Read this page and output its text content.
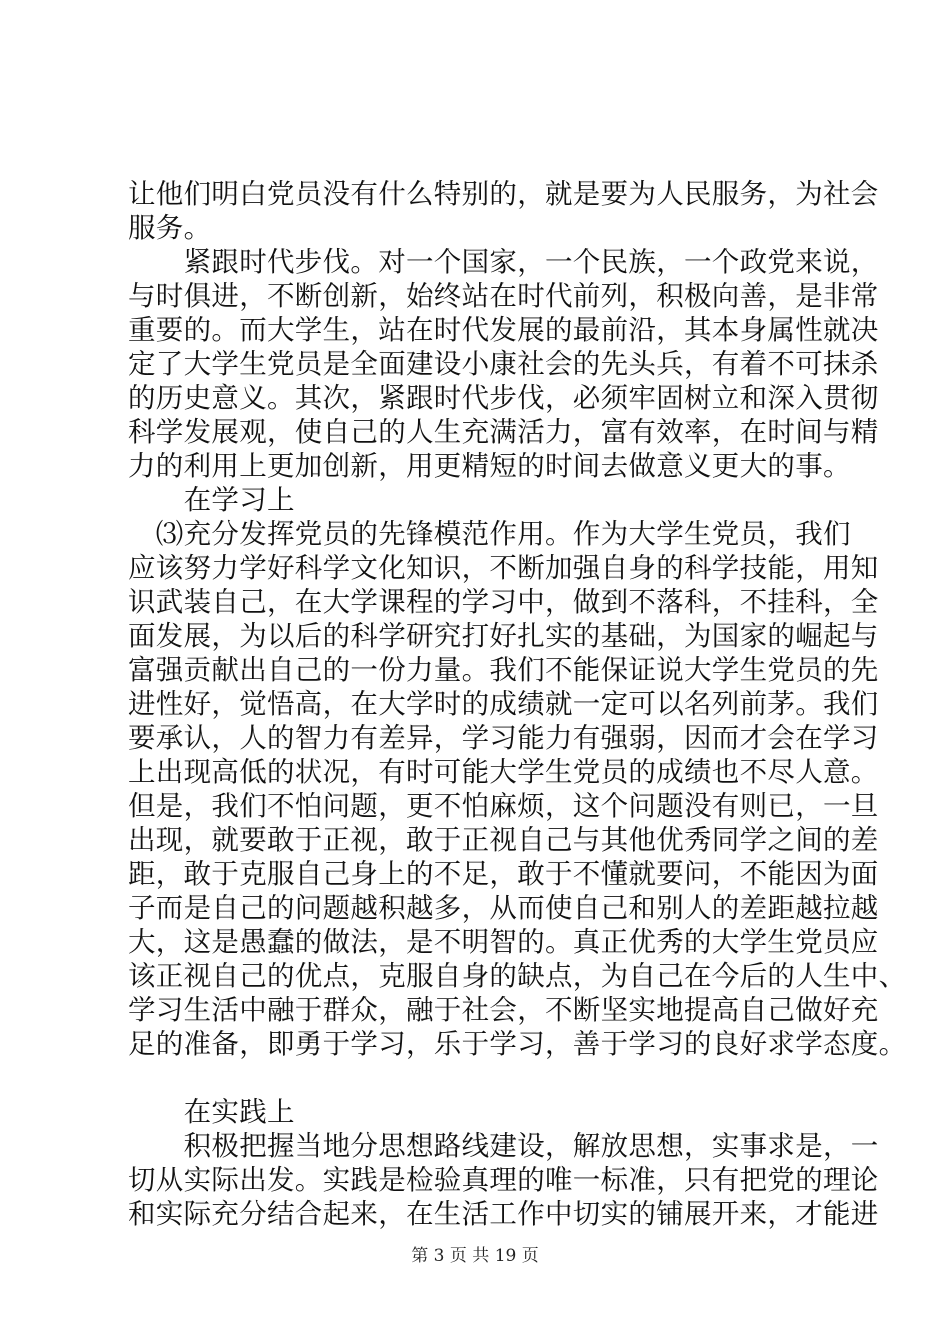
让他们明白党员没有什么特别的，就是要为人民服务，为社会
服务。
　　紧跟时代步伐。对一个国家，一个民族，一个政党来说，
与时俱进，不断创新，始终站在时代前列，积极向善，是非常
重要的。而大学生，站在时代发展的最前沿，其本身属性就决
定了大学生党员是全面建设小康社会的先头兵，有着不可抹杀
的历史意义。其次，紧跟时代步伐，必须牢固树立和深入贯彻
科学发展观，使自己的人生充满活力，富有效率，在时间与精
力的利用上更加创新，用更精短的时间去做意义更大的事。
　　在学习上
　⑶充分发挥党员的先锋模范作用。作为大学生党员，我们
应该努力学好科学文化知识，不断加强自身的科学技能，用知
识武装自己，在大学课程的学习中，做到不落科，不挂科，全
面发展，为以后的科学研究打好扎实的基础，为国家的崛起与
富强贡献出自己的一份力量。我们不能保证说大学生党员的先
进性好，觉悟高，在大学时的成绩就一定可以名列前茅。我们
要承认，人的智力有差异，学习能力有强弱，因而才会在学习
上出现高低的状况，有时可能大学生党员的成绩也不尽人意。
但是，我们不怕问题，更不怕麻烦，这个问题没有则已，一旦
出现，就要敢于正视，敢于正视自己与其他优秀同学之间的差
距，敢于克服自己身上的不足，敢于不懂就要问，不能因为面
子而是自己的问题越积越多，从而使自己和别人的差距越拉越
大，这是愚蠢的做法，是不明智的。真正优秀的大学生党员应
该正视自己的优点，克服自身的缺点，为自己在今后的人生中、
学习生活中融于群众，融于社会，不断坚实地提高自己做好充
足的准备，即勇于学习，乐于学习，善于学习的良好求学态度。
　　在实践上
　　积极把握当地分思想路线建设，解放思想，实事求是，一
切从实际出发。实践是检验真理的唯一标准，只有把党的理论
和实际充分结合起来，在生活工作中切实的铺展开来，才能进
第 3 页 共 19 页
